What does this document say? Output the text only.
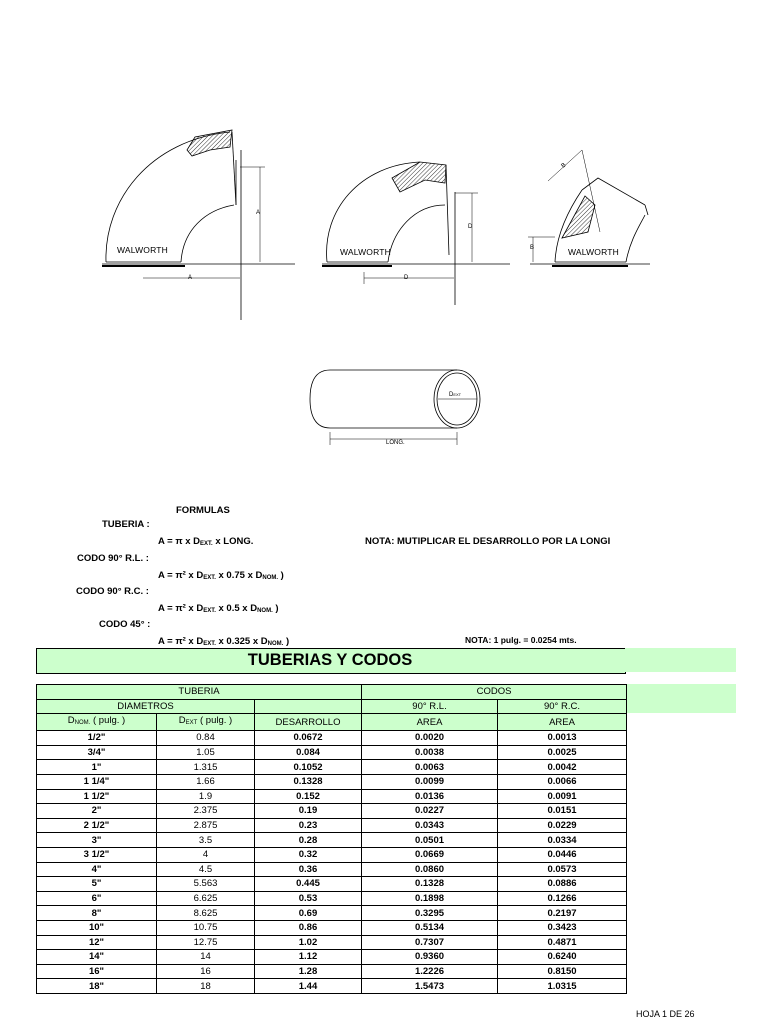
WALWORTH
A
A
WALWORTH
D
D
WALWORTH
B
B
DEXT
LONG.
FORMULAS
TUBERIA :
A = π x $D_{EXT.}$ x LONG.	NOTA: MUTIPLICAR EL DESARROLLO POR LA LONGI
CODO 90° R.L. :
A = π² x $D_{EXT.}$ x 0.75 x $D_{NOM.}$ )
CODO 90° R.C. :
A = π² x $D_{EXT.}$ x 0.5 x $D_{NOM.}$ )
CODO 45° :
A = π² x $D_{EXT.}$ x 0.325 x $D_{NOM.}$ )	NOTA: 1 pulg. = 0.0254 mts.
TUBERIAS Y CODOS
TUBERIA			CODOS	
DIAMETROS			90° R.L.	90° R.C.
$D_{NOM.}$ ( pulg. )	$D_{EXT}$ ( pulg. )	DESARROLLO	AREA	AREA
1/2"	0.84	0.0672	0.0020	0.0013
3/4"	1.05	0.084	0.0038	0.0025
1"	1.315	0.1052	0.0063	0.0042
1 1/4"	1.66	0.1328	0.0099	0.0066
1 1/2"	1.9	0.152	0.0136	0.0091
2"	2.375	0.19	0.0227	0.0151
2 1/2"	2.875	0.23	0.0343	0.0229
3"	3.5	0.28	0.0501	0.0334
3 1/2"	4	0.32	0.0669	0.0446
4"	4.5	0.36	0.0860	0.0573
5"	5.563	0.445	0.1328	0.0886
6"	6.625	0.53	0.1898	0.1266
8"	8.625	0.69	0.3295	0.2197
10"	10.75	0.86	0.5134	0.3423
12"	12.75	1.02	0.7307	0.4871
14"	14	1.12	0.9360	0.6240
16"	16	1.28	1.2226	0.8150
18"	18	1.44	1.5473	1.0315
HOJA 1 DE 26
